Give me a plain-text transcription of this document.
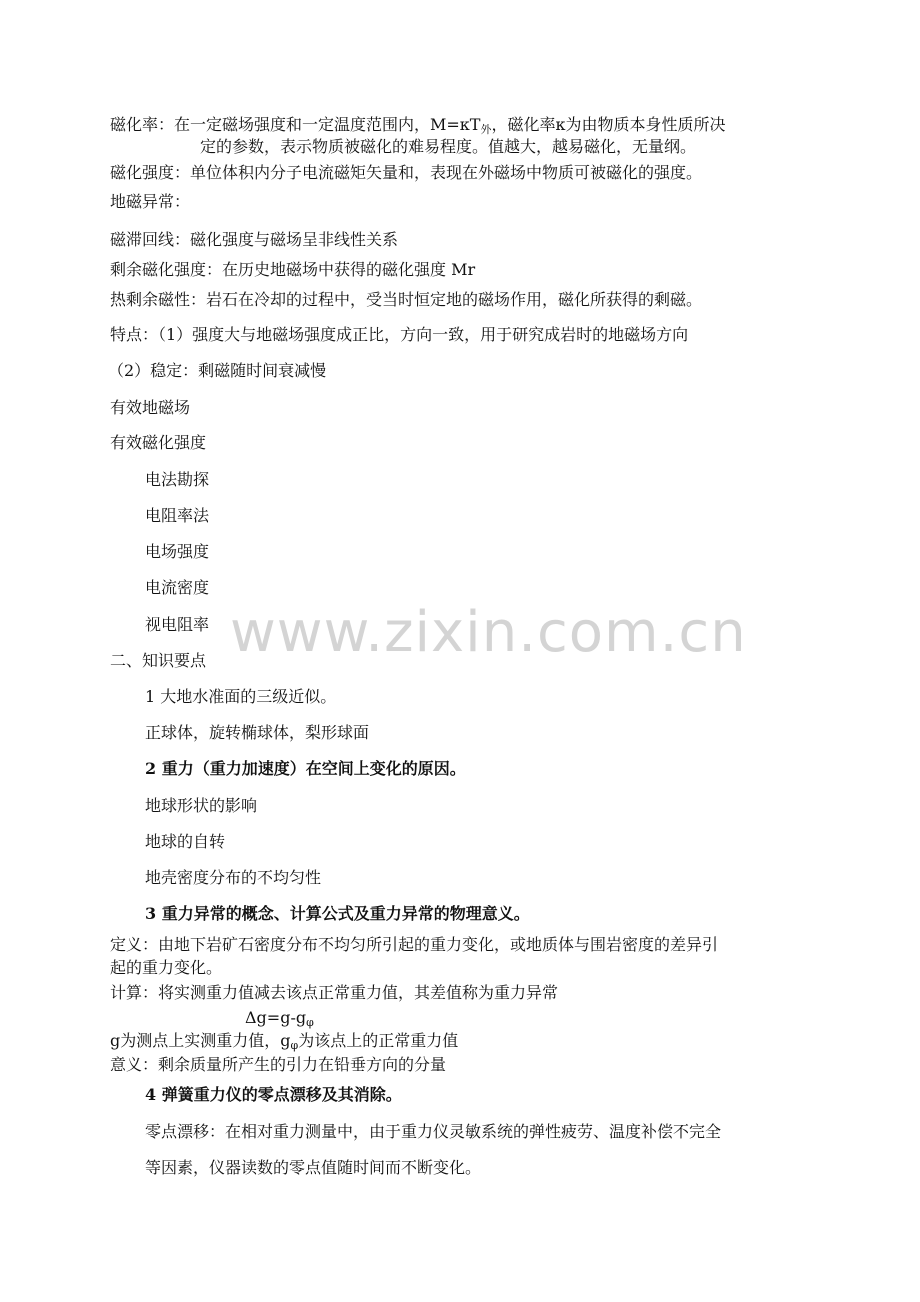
磁化率：在一定磁场强度和一定温度范围内，$M=\kappa T_外$，磁化率κ为由物质本身性质所决
定的参数，表示物质被磁化的难易程度。值越大，越易磁化，无量纲。
磁化强度：单位体积内分子电流磁矩矢量和，表现在外磁场中物质可被磁化的强度。
地磁异常：
磁滞回线：磁化强度与磁场呈非线性关系
剩余磁化强度：在历史地磁场中获得的磁化强度 Mr
热剩余磁性：岩石在冷却的过程中，受当时恒定地的磁场作用，磁化所获得的剩磁。
特点：（1）强度大与地磁场强度成正比，方向一致，用于研究成岩时的地磁场方向
（2）稳定：剩磁随时间衰减慢
有效地磁场
有效磁化强度
电法勘探
电阻率法
电场强度
电流密度
视电阻率
二、知识要点
1 大地水准面的三级近似。
正球体，旋转椭球体，梨形球面
2 重力（重力加速度）在空间上变化的原因。
地球形状的影响
地球的自转
地壳密度分布的不均匀性
3 重力异常的概念、计算公式及重力异常的物理意义。
定义：由地下岩矿石密度分布不均匀所引起的重力变化，或地质体与围岩密度的差异引
起的重力变化。
计算：将实测重力值减去该点正常重力值，其差值称为重力异常
$\Delta g=g-g_\varphi$
g为测点上实测重力值，$g_\varphi$为该点上的正常重力值
意义：剩余质量所产生的引力在铅垂方向的分量
4 弹簧重力仪的零点漂移及其消除。
零点漂移：在相对重力测量中，由于重力仪灵敏系统的弹性疲劳、温度补偿不完全
等因素，仪器读数的零点值随时间而不断变化。
www.zixin.com.cn
